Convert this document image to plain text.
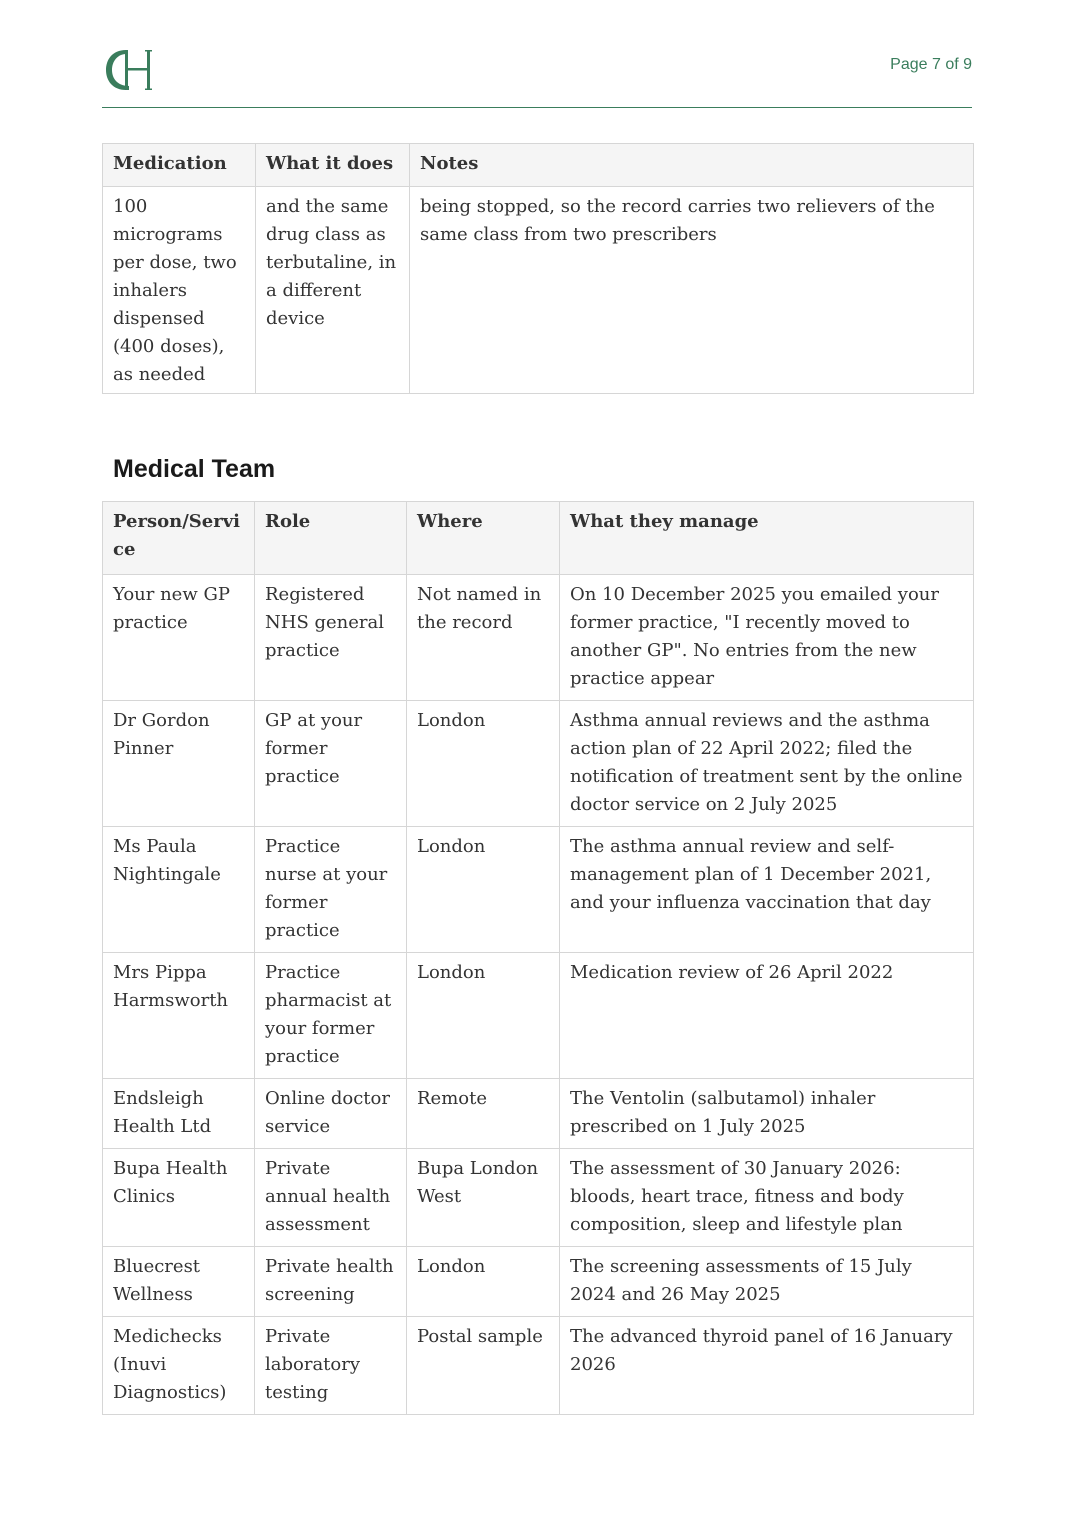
Page 7 of 9
Medication	What it does	Notes
100 micrograms per dose, two inhalers dispensed (400 doses), as needed	and the same drug class as terbutaline, in a different device	being stopped, so the record carries two relievers of the same class from two prescribers
Medical Team
Person/Service	Role	Where	What they manage
Your new GP practice	Registered NHS general practice	Not named in the record	On 10 December 2025 you emailed your former practice, "I recently moved to another GP". No entries from the new practice appear
Dr Gordon Pinner	GP at your former practice	London	Asthma annual reviews and the asthma action plan of 22 April 2022; filed the notification of treatment sent by the online doctor service on 2 July 2025
Ms Paula Nightingale	Practice nurse at your former practice	London	The asthma annual review and self-management plan of 1 December 2021, and your influenza vaccination that day
Mrs Pippa Harmsworth	Practice pharmacist at your former practice	London	Medication review of 26 April 2022
Endsleigh Health Ltd	Online doctor service	Remote	The Ventolin (salbutamol) inhaler prescribed on 1 July 2025
Bupa Health Clinics	Private annual health assessment	Bupa London West	The assessment of 30 January 2026: bloods, heart trace, fitness and body composition, sleep and lifestyle plan
Bluecrest Wellness	Private health screening	London	The screening assessments of 15 July 2024 and 26 May 2025
Medichecks (Inuvi Diagnostics)	Private laboratory testing	Postal sample	The advanced thyroid panel of 16 January 2026
